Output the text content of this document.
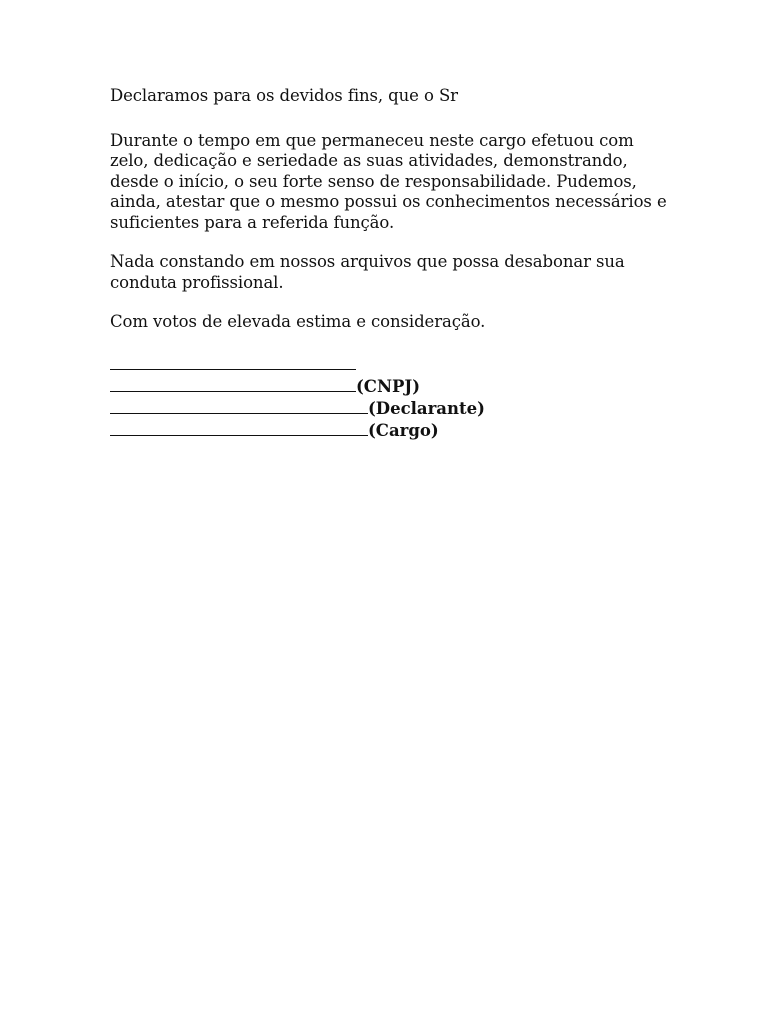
Declaramos para os devidos fins, que o Sr

Durante o tempo em que permaneceu neste cargo efetuou com zelo, dedicação e seriedade as suas atividades, demonstrando, desde o início, o seu forte senso de responsabilidade. Pudemos, ainda, atestar que o mesmo possui os conhecimentos necessários e suficientes para a referida função.

Nada constando em nossos arquivos que possa desabonar sua conduta profissional.

Com votos de elevada estima e consideração.

(CNPJ)

(Declarante)

(Cargo)
